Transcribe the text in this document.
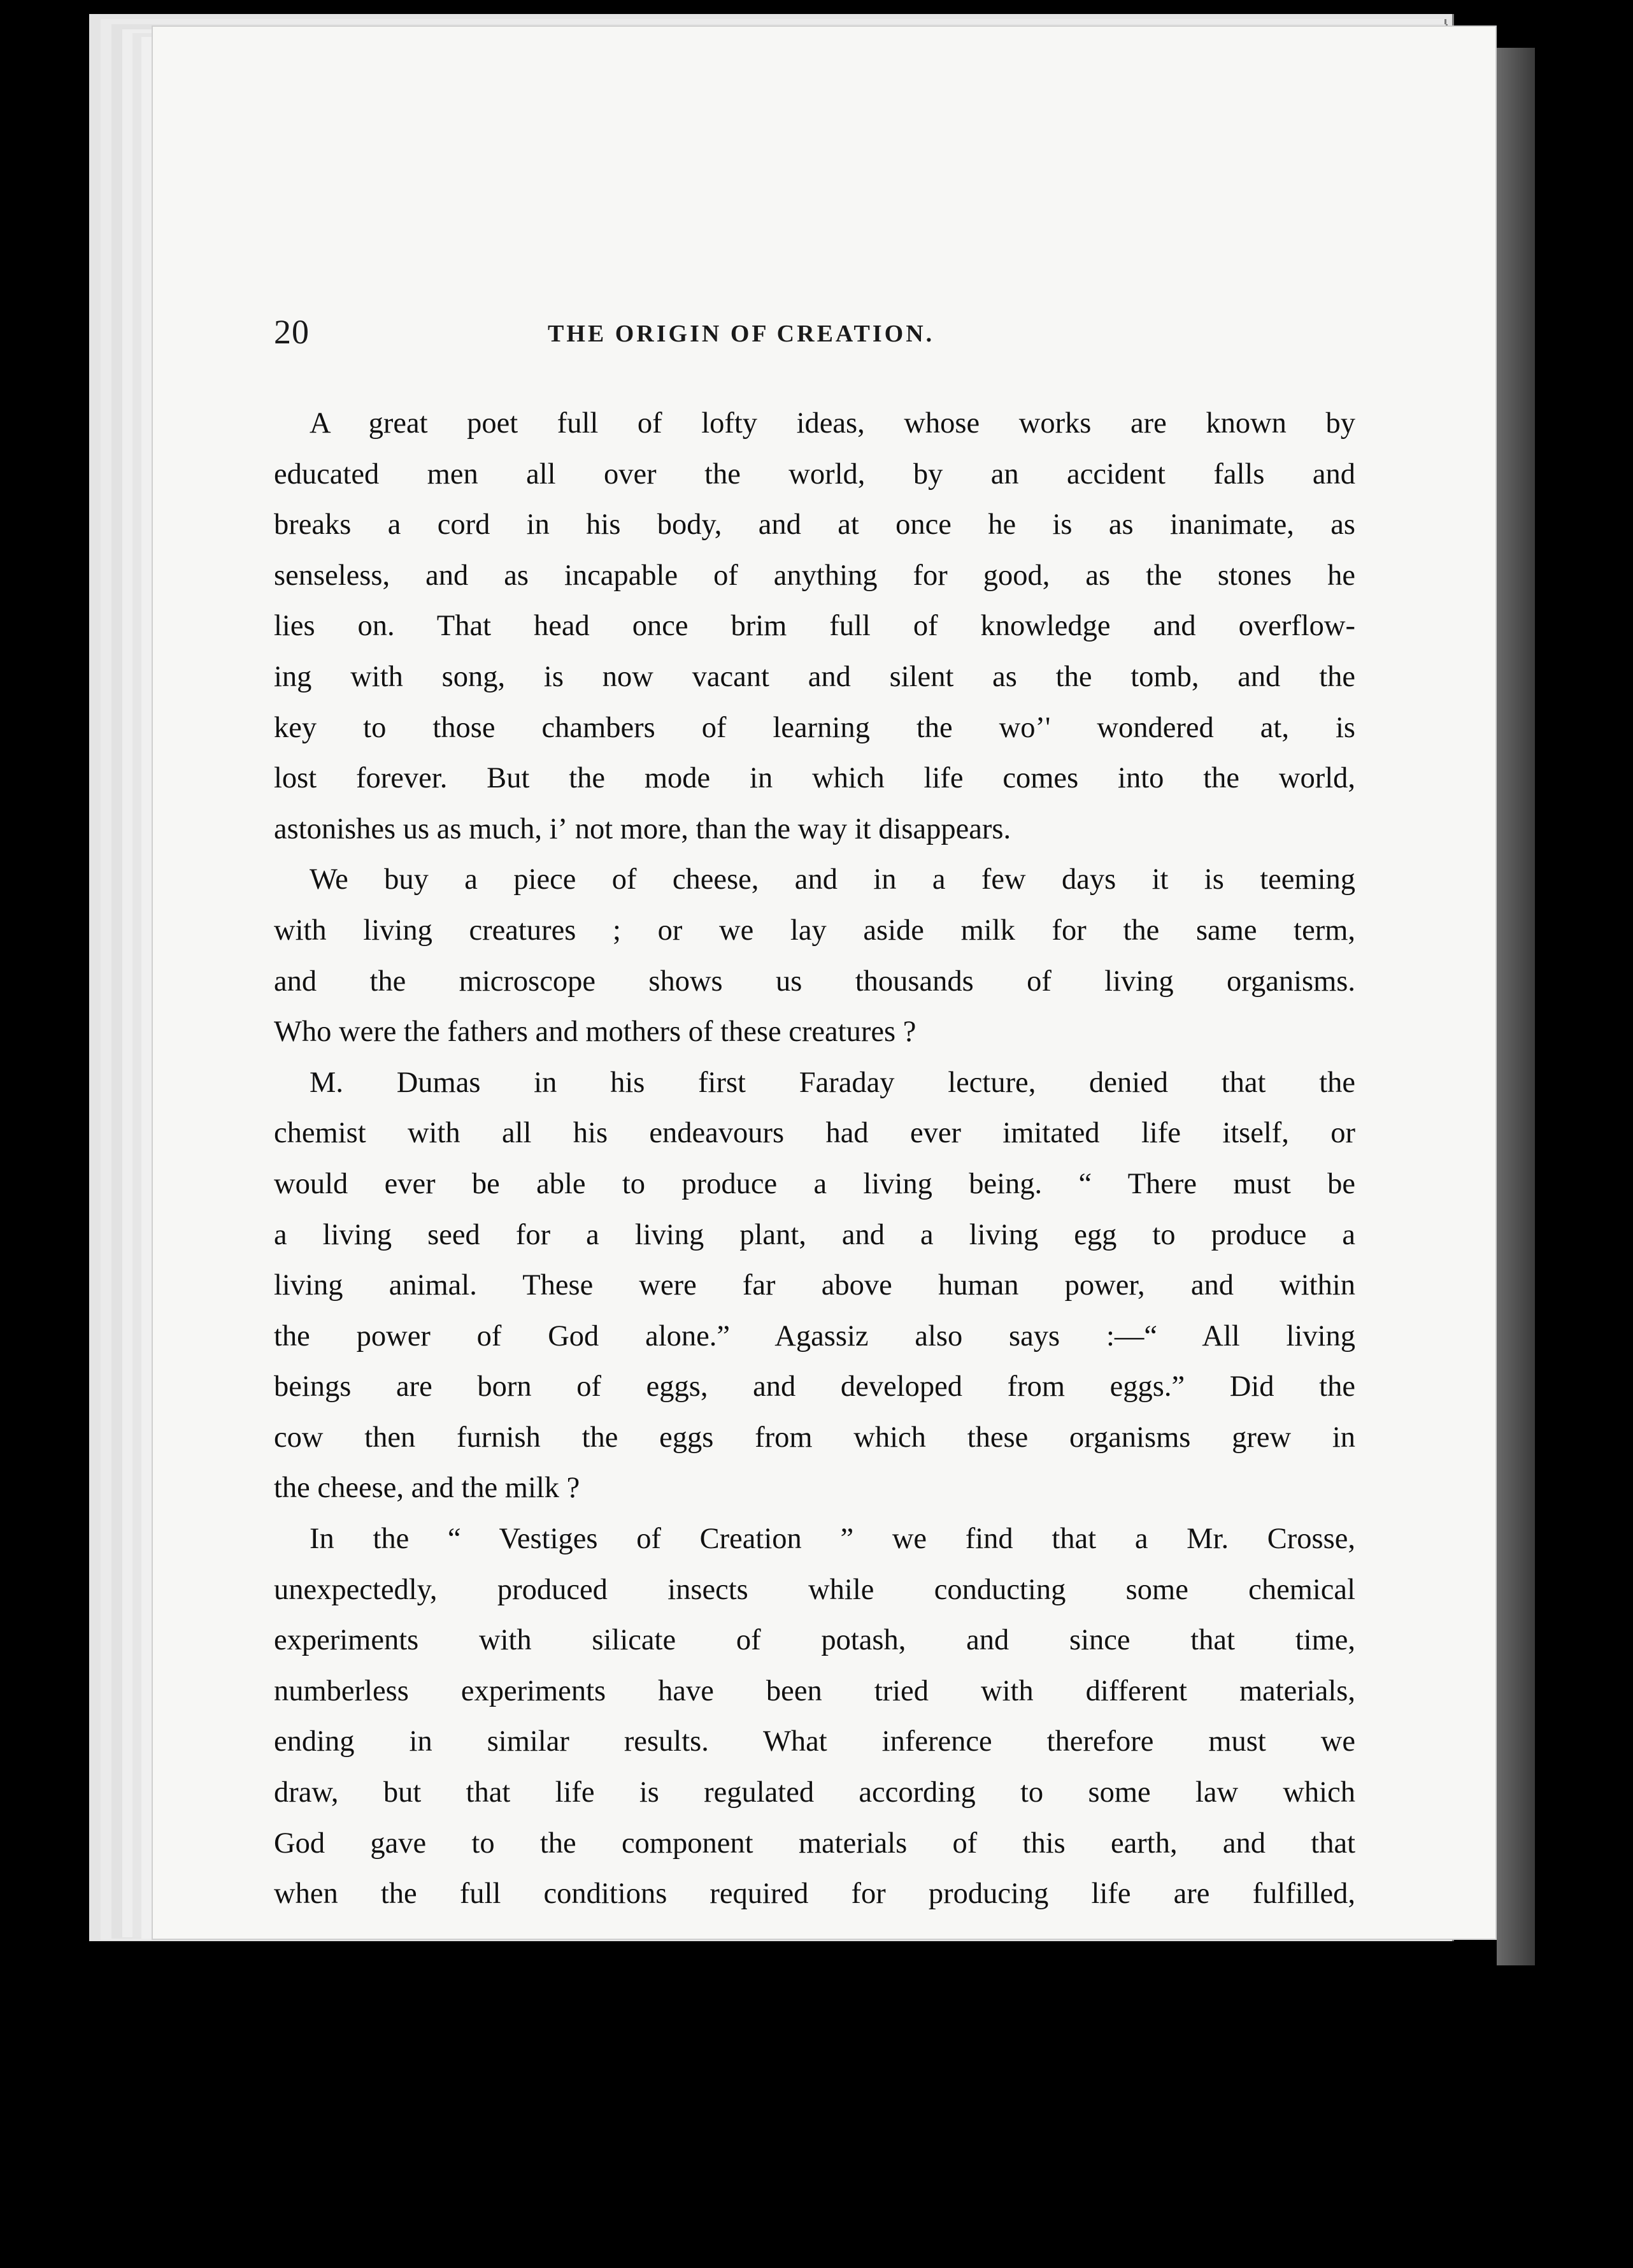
20	THE ORIGIN OF CREATION.
A great poet full of lofty ideas, whose works are known by
educated men all over the world, by an accident falls and
breaks a cord in his body, and at once he is as inanimate, as
senseless, and as incapable of anything for good, as the stones he
lies on. That head once brim full of knowledge and overflow-
ing with song, is now vacant and silent as the tomb, and the
key to those chambers of learning the woʼ' wondered at, is
lost forever. But the mode in which life comes into the world,
astonishes us as much, iʼ not more, than the way it disappears.
We buy a piece of cheese, and in a few days it is teeming
with living creatures ; or we lay aside milk for the same term,
and the microscope shows us thousands of living organisms.
Who were the fathers and mothers of these creatures ?
M. Dumas in his first Faraday lecture, denied that the
chemist with all his endeavours had ever imitated life itself, or
would ever be able to produce a living being. “ There must be
a living seed for a living plant, and a living egg to produce a
living animal. These were far above human power, and within
the power of God alone.” Agassiz also says :—“ All living
beings are born of eggs, and developed from eggs.” Did the
cow then furnish the eggs from which these organisms grew in
the cheese, and the milk ?
In the “ Vestiges of Creation ” we find that a Mr. Crosse,
unexpectedly, produced insects while conducting some chemical
experiments with silicate of potash, and since that time,
numberless experiments have been tried with different materials,
ending in similar results. What inference therefore must we
draw, but that life is regulated according to some law which
God gave to the component materials of this earth, and that
when the full conditions required for producing life are fulfilled,
